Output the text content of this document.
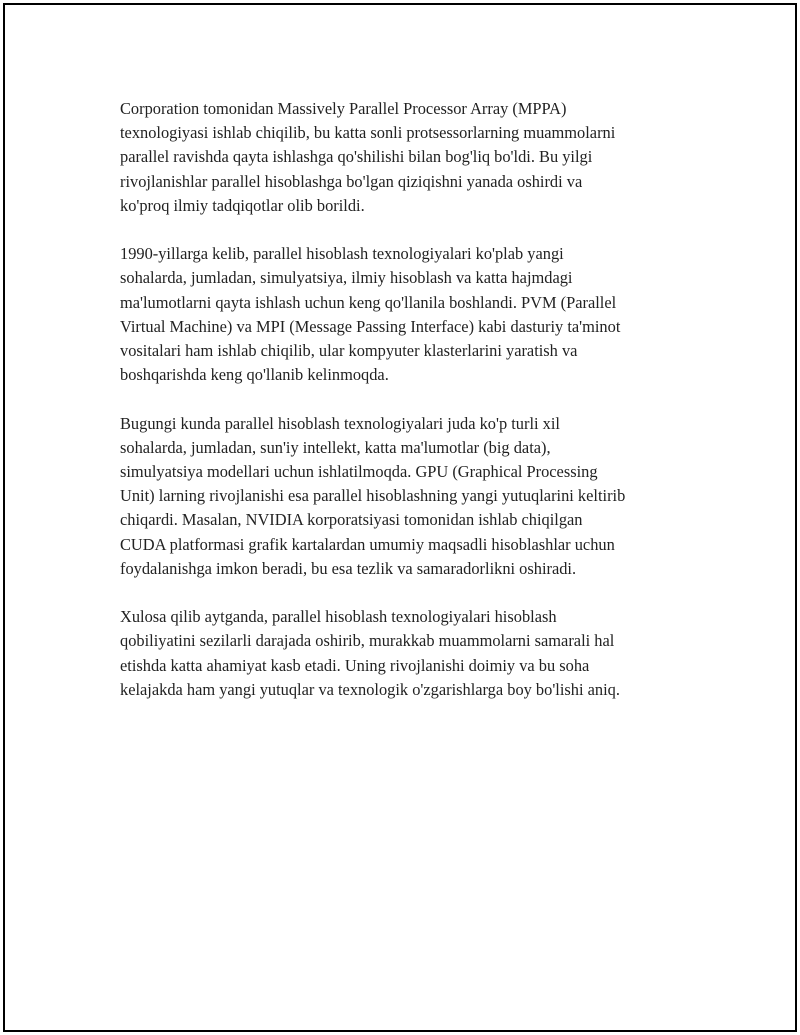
Corporation tomonidan Massively Parallel Processor Array (MPPA)
texnologiyasi ishlab chiqilib, bu katta sonli protsessorlarning muammolarni
parallel ravishda qayta ishlashga qo'shilishi bilan bog'liq bo'ldi. Bu yilgi
rivojlanishlar parallel hisoblashga bo'lgan qiziqishni yanada oshirdi va
ko'proq ilmiy tadqiqotlar olib borildi.

1990-yillarga kelib, parallel hisoblash texnologiyalari ko'plab yangi
sohalarda, jumladan, simulyatsiya, ilmiy hisoblash va katta hajmdagi
ma'lumotlarni qayta ishlash uchun keng qo'llanila boshlandi. PVM (Parallel
Virtual Machine) va MPI (Message Passing Interface) kabi dasturiy ta'minot
vositalari ham ishlab chiqilib, ular kompyuter klasterlarini yaratish va
boshqarishda keng qo'llanib kelinmoqda.

Bugungi kunda parallel hisoblash texnologiyalari juda ko'p turli xil
sohalarda, jumladan, sun'iy intellekt, katta ma'lumotlar (big data),
simulyatsiya modellari uchun ishlatilmoqda. GPU (Graphical Processing
Unit) larning rivojlanishi esa parallel hisoblashning yangi yutuqlarini keltirib
chiqardi. Masalan, NVIDIA korporatsiyasi tomonidan ishlab chiqilgan
CUDA platformasi grafik kartalardan umumiy maqsadli hisoblashlar uchun
foydalanishga imkon beradi, bu esa tezlik va samaradorlikni oshiradi.

Xulosa qilib aytganda, parallel hisoblash texnologiyalari hisoblash
qobiliyatini sezilarli darajada oshirib, murakkab muammolarni samarali hal
etishda katta ahamiyat kasb etadi. Uning rivojlanishi doimiy va bu soha
kelajakda ham yangi yutuqlar va texnologik o'zgarishlarga boy bo'lishi aniq.
